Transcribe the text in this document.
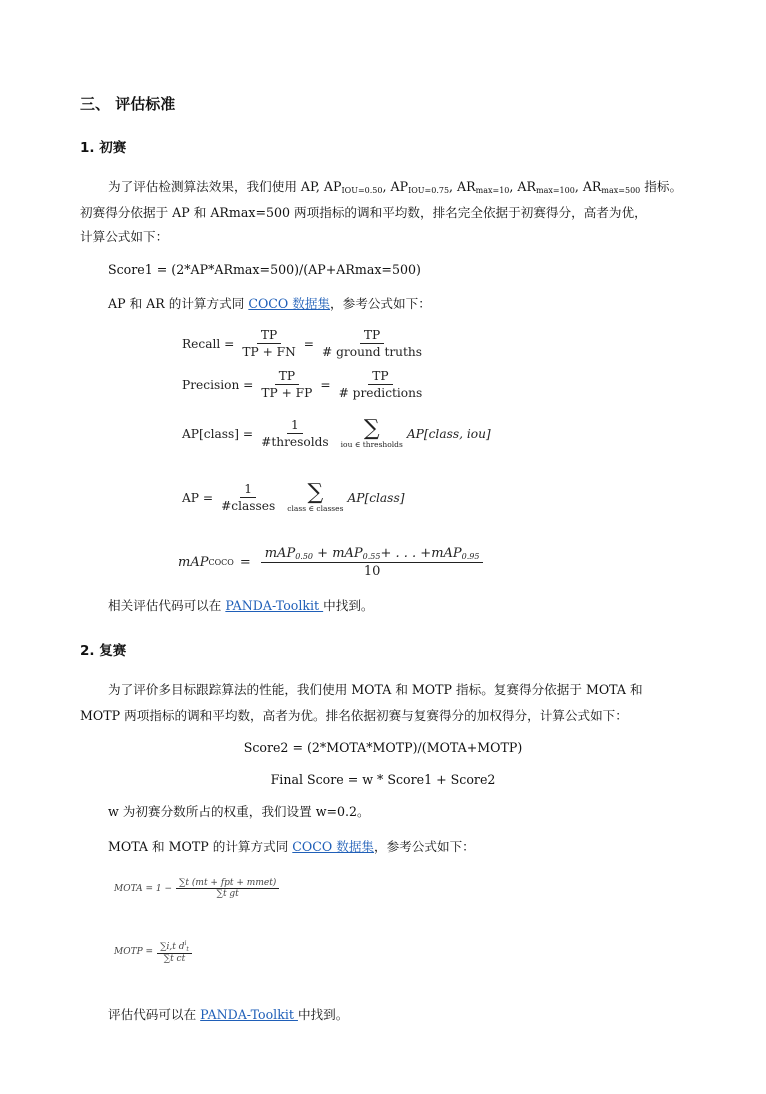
三、 评估标准
1. 初赛
为了评估检测算法效果，我们使用 AP, $AP_{IOU=0.50}$, $AP_{IOU=0.75}$, $AR_{max=10}$, $AR_{max=100}$, $AR_{max=500}$ 指标。
初赛得分依据于 AP 和 ARmax=500 两项指标的调和平均数，排名完全依据于初赛得分，高者为优，
计算公式如下：
Score1 = (2*AP*ARmax=500)/(AP+ARmax=500)
AP 和 AR 的计算方式同 COCO 数据集，参考公式如下：
Recall = $\frac{TP}{TP + FN} = \frac{TP}{\text{\# ground truths}}$
Precision = $\frac{TP}{TP + FP} = \frac{TP}{\text{\# predictions}}$
AP[class] = $\frac{1}{\text{\#thresolds}}$ ∑
iou ∈ thresholds
AP[class, iou]
AP = $\frac{1}{\text{\#classes}}$ ∑
class ∈ classes
AP[class]
mAP COCO = $\frac{mAP_{0.50} + mAP_{0.55}+ . . . +mAP_{0.95}}{10}$
相关评估代码可以在 PANDA-Toolkit 中找到。
2. 复赛
为了评价多目标跟踪算法的性能，我们使用 MOTA 和 MOTP 指标。复赛得分依据于 MOTA 和
MOTP 两项指标的调和平均数，高者为优。排名依据初赛与复赛得分的加权得分，计算公式如下：
Score2 = (2*MOTA*MOTP)/(MOTA+MOTP)
Final Score = w * Score1 + Score2
w 为初赛分数所占的权重，我们设置 w=0.2。
MOTA 和 MOTP 的计算方式同 COCO 数据集，参考公式如下：
MOTA = $1 - \frac{\text{∑t (mt + fpt + mmet)}}{\text{∑t gt}}$
MOTP = $\frac{\sum i,t d^i_t}{\text{∑t ct}}$
评估代码可以在 PANDA-Toolkit 中找到。
